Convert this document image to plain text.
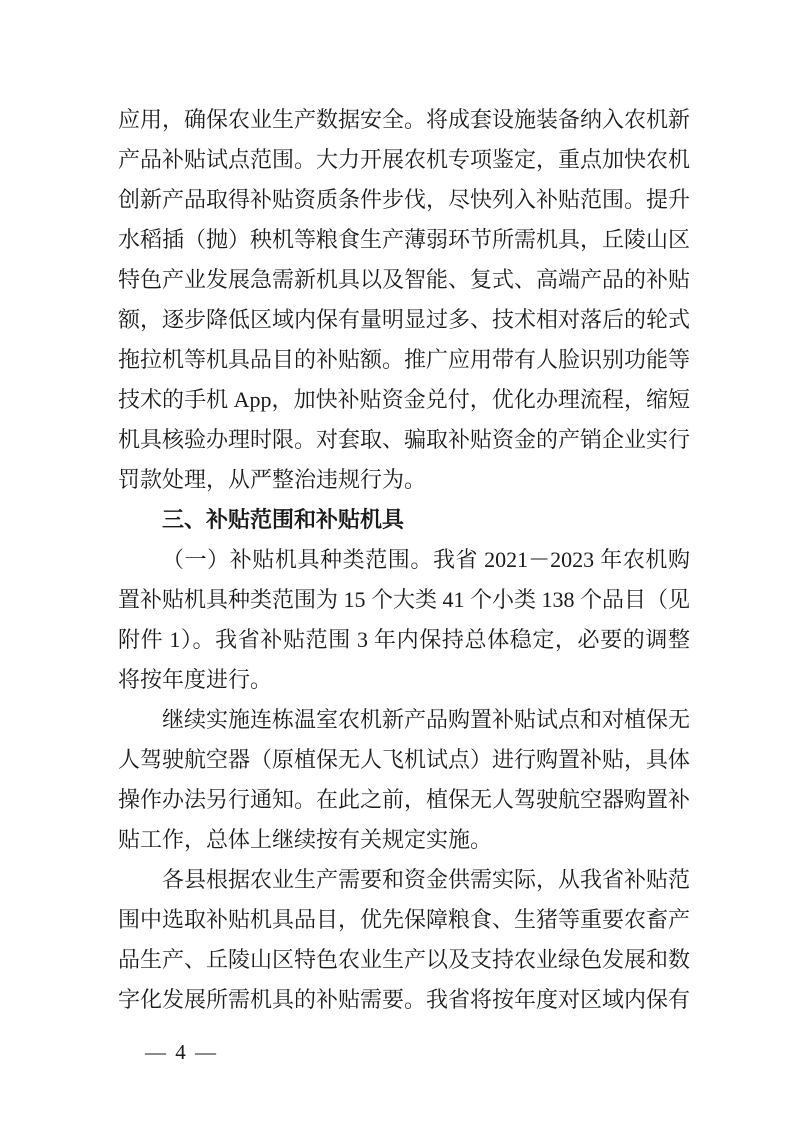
应用，确保农业生产数据安全。将成套设施装备纳入农机新产品补贴试点范围。大力开展农机专项鉴定，重点加快农机创新产品取得补贴资质条件步伐，尽快列入补贴范围。提升水稻插（抛）秧机等粮食生产薄弱环节所需机具，丘陵山区特色产业发展急需新机具以及智能、复式、高端产品的补贴额，逐步降低区域内保有量明显过多、技术相对落后的轮式拖拉机等机具品目的补贴额。推广应用带有人脸识别功能等技术的手机 App，加快补贴资金兑付，优化办理流程，缩短机具核验办理时限。对套取、骗取补贴资金的产销企业实行罚款处理，从严整治违规行为。

三、补贴范围和补贴机具

（一）补贴机具种类范围。我省 2021－2023 年农机购置补贴机具种类范围为 15 个大类 41 个小类 138 个品目（见附件 1）。我省补贴范围 3 年内保持总体稳定，必要的调整将按年度进行。

继续实施连栋温室农机新产品购置补贴试点和对植保无人驾驶航空器（原植保无人飞机试点）进行购置补贴，具体操作办法另行通知。在此之前，植保无人驾驶航空器购置补贴工作，总体上继续按有关规定实施。

各县根据农业生产需要和资金供需实际，从我省补贴范围中选取补贴机具品目，优先保障粮食、生猪等重要农畜产品生产、丘陵山区特色农业生产以及支持农业绿色发展和数字化发展所需机具的补贴需要。我省将按年度对区域内保有

— 4 —
